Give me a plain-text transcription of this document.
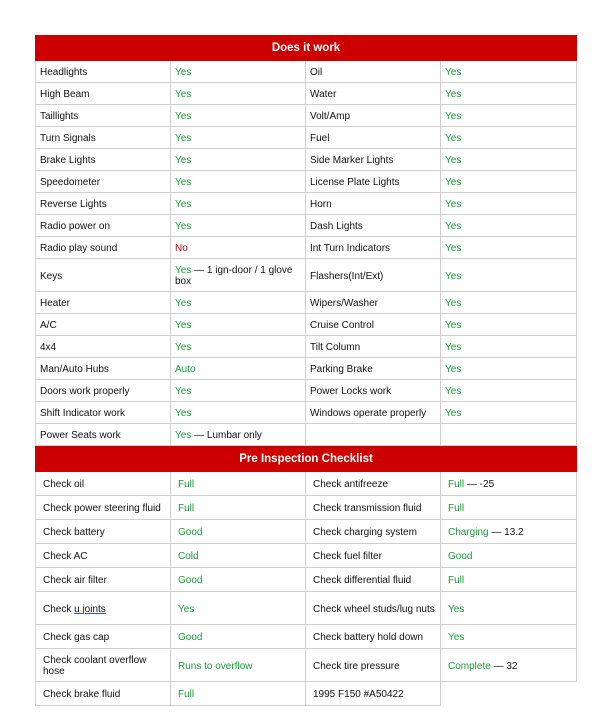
Does it work			
Headlights	Yes	Oil	Yes
High Beam	Yes	Water	Yes
Taillights	Yes	Volt/Amp	Yes
Turn Signals	Yes	Fuel	Yes
Brake Lights	Yes	Side Marker Lights	Yes
Speedometer	Yes	License Plate Lights	Yes
Reverse Lights	Yes	Horn	Yes
Radio power on	Yes	Dash Lights	Yes
Radio play sound	No	Int Turn Indicators	Yes
Keys	Yes — 1 ign-door / 1 glove box	Flashers(Int/Ext)	Yes
Heater	Yes	Wipers/Washer	Yes
A/C	Yes	Cruise Control	Yes
4x4	Yes	Tilt Column	Yes
Man/Auto Hubs	Auto	Parking Brake	Yes
Doors work properly	Yes	Power Locks work	Yes
Shift Indicator work	Yes	Windows operate properly	Yes
Power Seats work	Yes — Lumbar only		
Pre Inspection Checklist			
Check oil	Full	Check antifreeze	Full — -25
Check power steering fluid	Full	Check transmission fluid	Full
Check battery	Good	Check charging system	Charging — 13.2
Check AC	Cold	Check fuel filter	Good
Check air filter	Good	Check differential fluid	Full
Check u joints	Yes	Check wheel studs/lug nuts	Yes
Check gas cap	Good	Check battery hold down	Yes
Check coolant overflow hose	Runs to overflow	Check tire pressure	Complete — 32
Check brake fluid	Full	1995 F150 #A50422	
